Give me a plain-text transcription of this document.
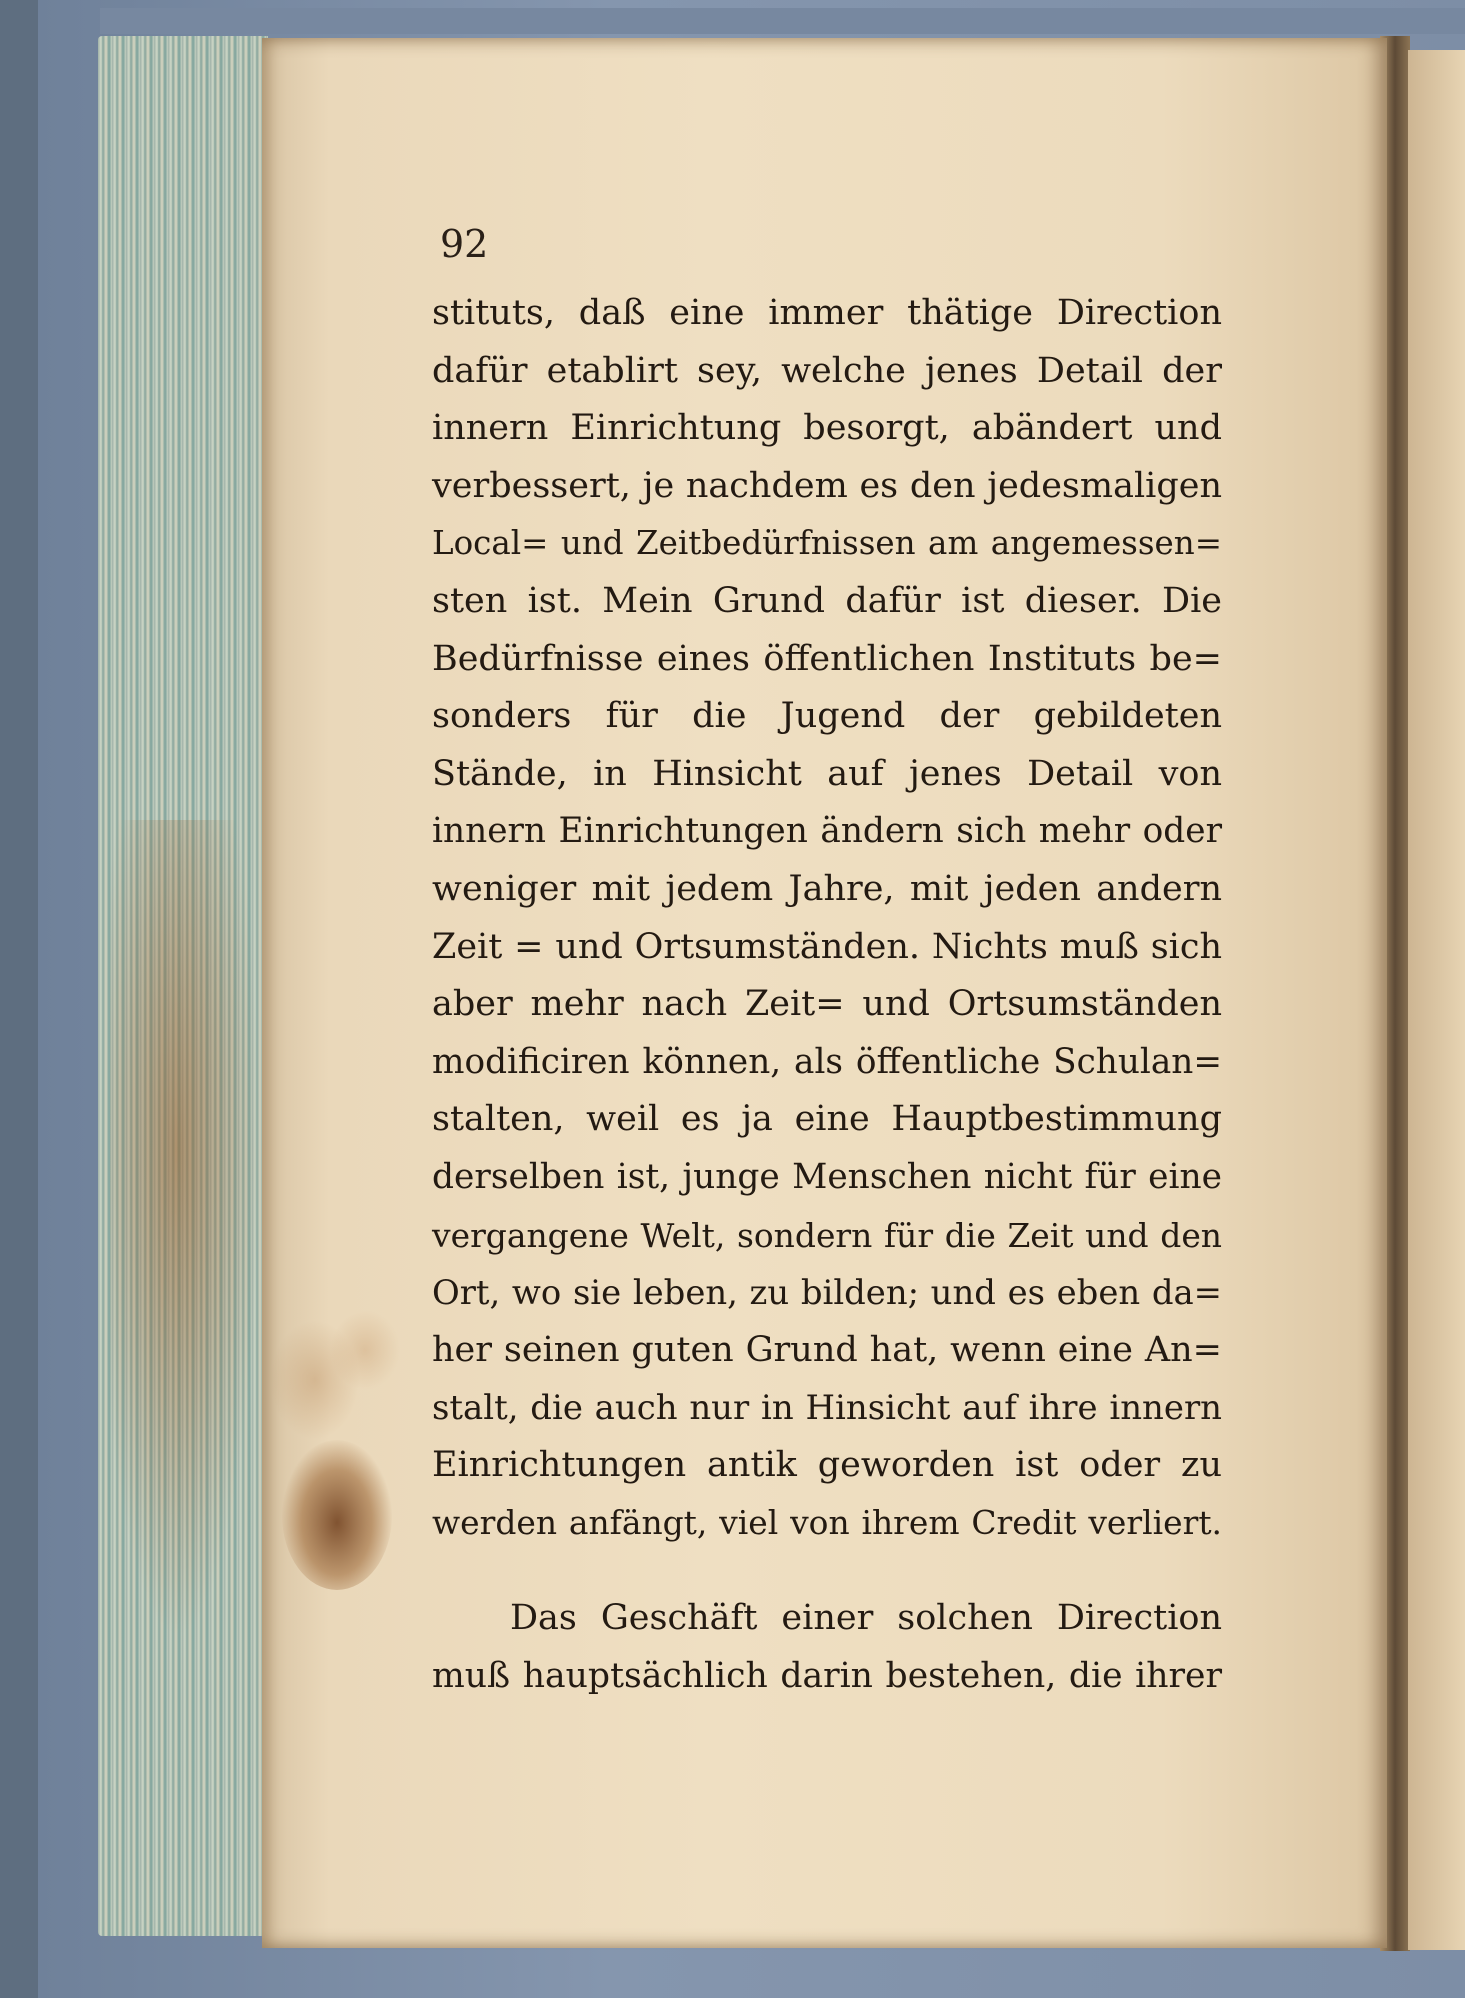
92
stituts, daß eine immer thätige Direction
dafür etablirt sey, welche jenes Detail der
innern Einrichtung besorgt, abändert und
verbessert, je nachdem es den jedesmaligen
Local= und Zeitbedürfnissen am angemessen=
sten ist. Mein Grund dafür ist dieser. Die
Bedürfnisse eines öffentlichen Instituts be=
sonders für die Jugend der gebildeten
Stände, in Hinsicht auf jenes Detail von
innern Einrichtungen ändern sich mehr oder
weniger mit jedem Jahre, mit jeden andern
Zeit = und Ortsumständen. Nichts muß sich
aber mehr nach Zeit= und Ortsumständen
modificiren können, als öffentliche Schulan=
stalten, weil es ja eine Hauptbestimmung
derselben ist, junge Menschen nicht für eine
vergangene Welt, sondern für die Zeit und den
Ort, wo sie leben, zu bilden; und es eben da=
her seinen guten Grund hat, wenn eine An=
stalt, die auch nur in Hinsicht auf ihre innern
Einrichtungen antik geworden ist oder zu
werden anfängt, viel von ihrem Credit verliert.
Das Geschäft einer solchen Direction
muß hauptsächlich darin bestehen, die ihrer
